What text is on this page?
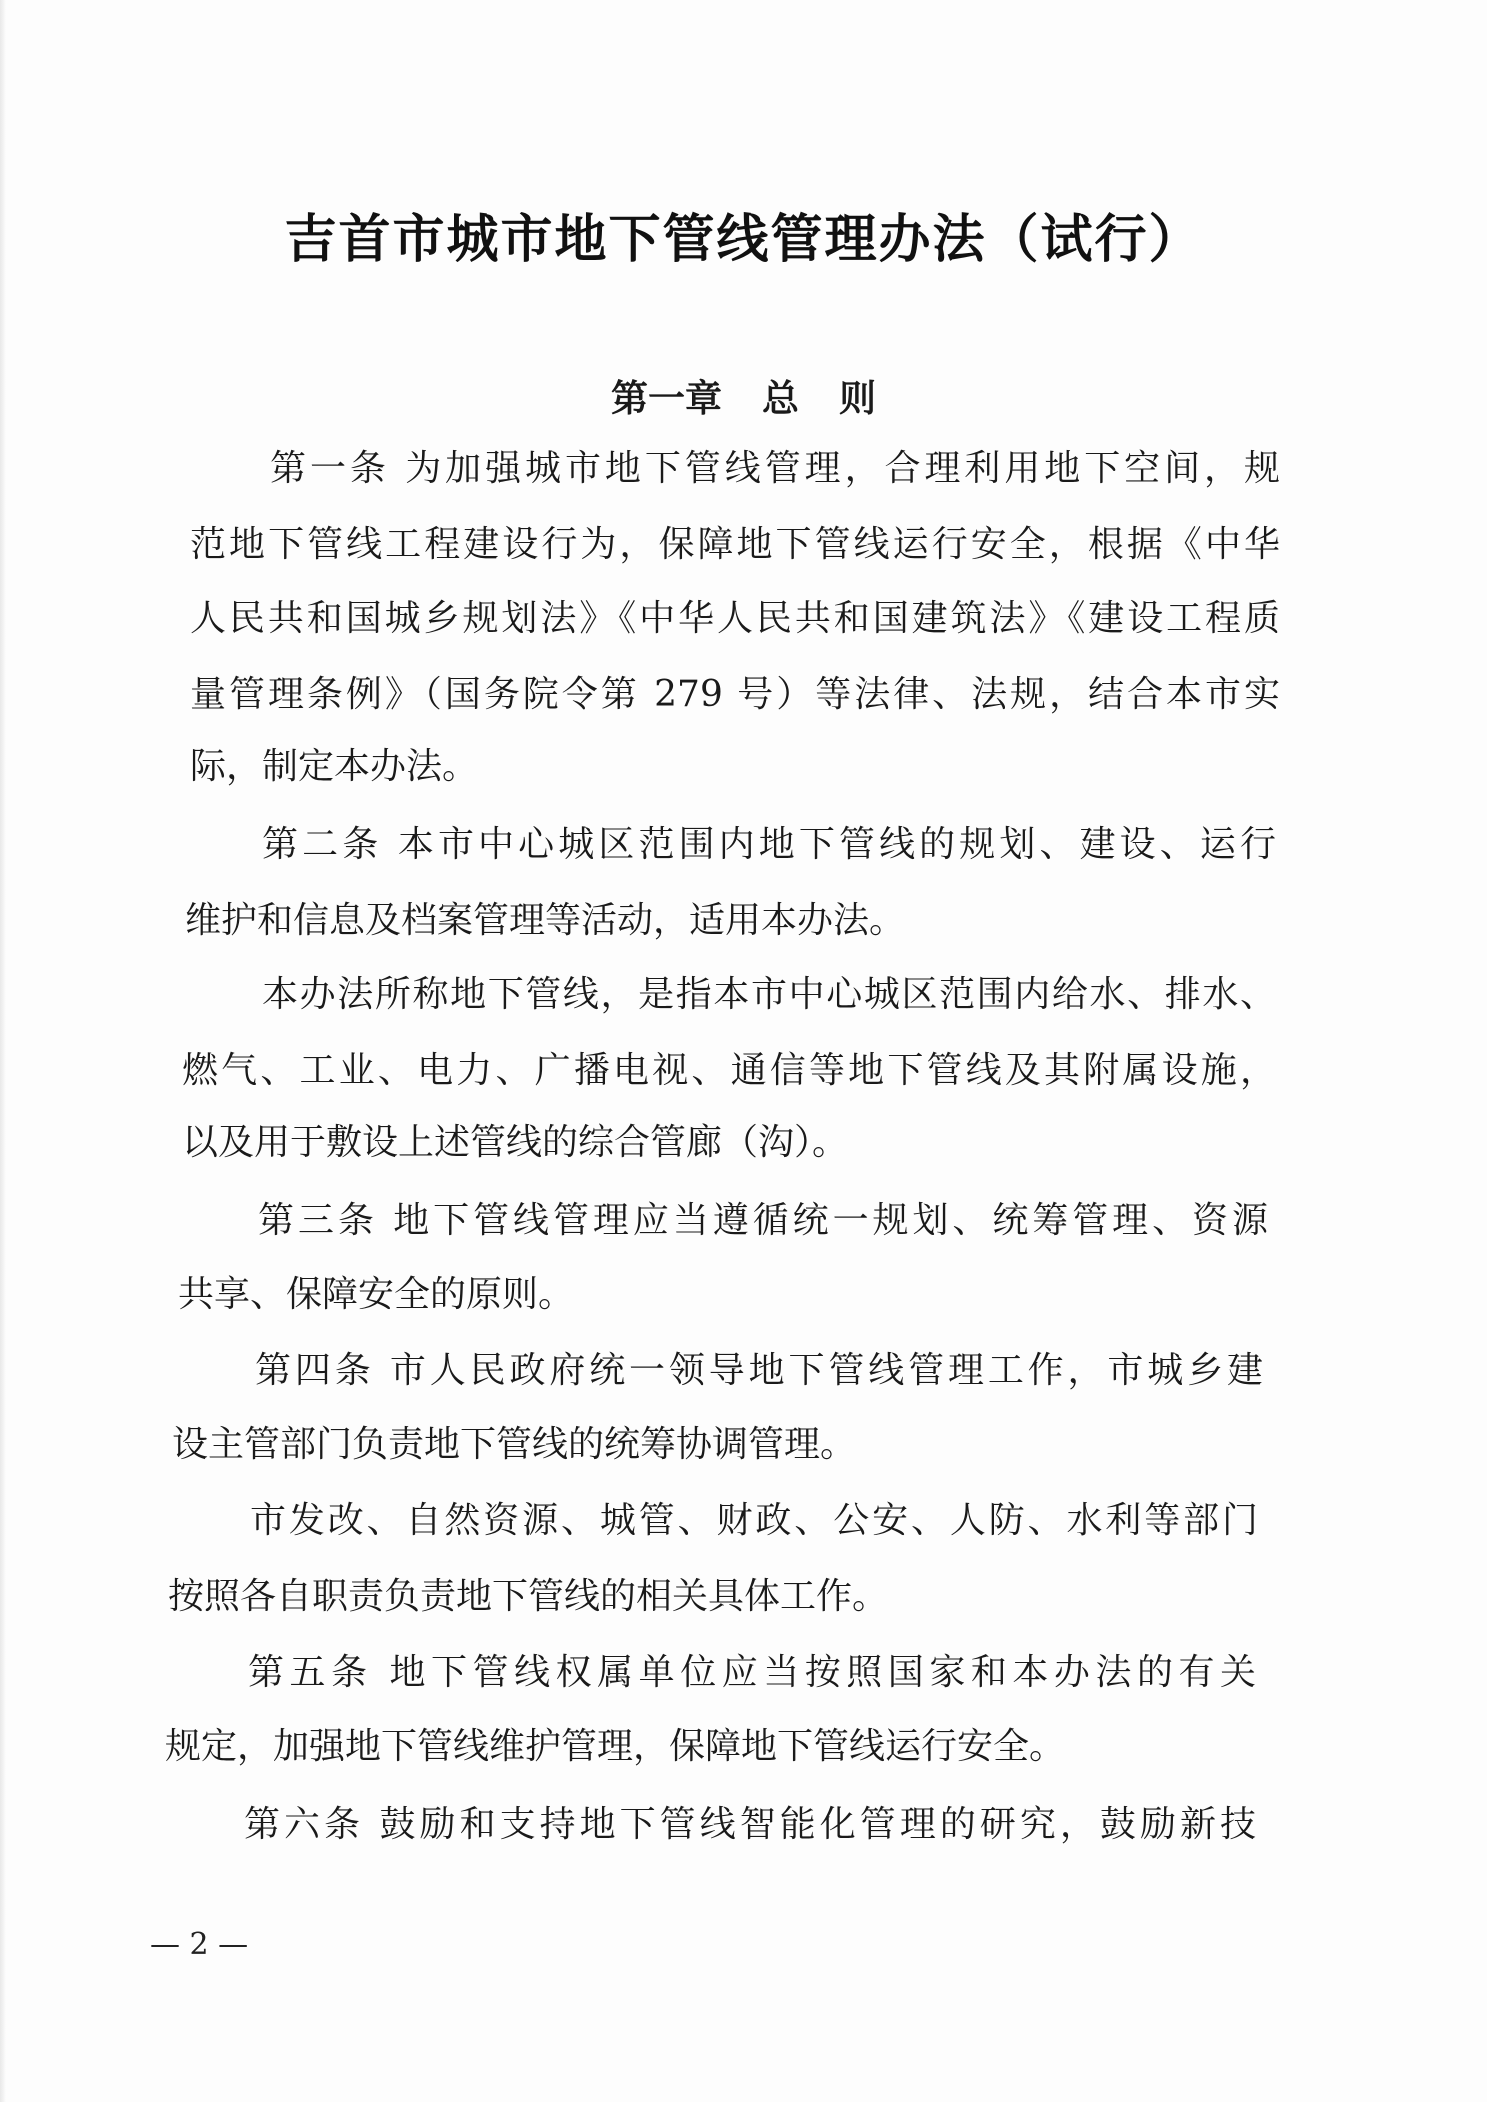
吉首市城市地下管线管理办法（试行）
第一章 总 则
第一条 为加强城市地下管线管理，合理利用地下空间，规
范地下管线工程建设行为，保障地下管线运行安全，根据《中华
人民共和国城乡规划法》《中华人民共和国建筑法》《建设工程质
量管理条例》（国务院令第 279 号）等法律、法规，结合本市实
际，制定本办法。
第二条 本市中心城区范围内地下管线的规划、建设、运行
维护和信息及档案管理等活动，适用本办法。
本办法所称地下管线，是指本市中心城区范围内给水、排水、
燃气、工业、电力、广播电视、通信等地下管线及其附属设施，
以及用于敷设上述管线的综合管廊（沟）。
第三条 地下管线管理应当遵循统一规划、统筹管理、资源
共享、保障安全的原则。
第四条 市人民政府统一领导地下管线管理工作，市城乡建
设主管部门负责地下管线的统筹协调管理。
市发改、自然资源、城管、财政、公安、人防、水利等部门
按照各自职责负责地下管线的相关具体工作。
第五条 地下管线权属单位应当按照国家和本办法的有关
规定，加强地下管线维护管理，保障地下管线运行安全。
第六条 鼓励和支持地下管线智能化管理的研究，鼓励新技
— 2 —
